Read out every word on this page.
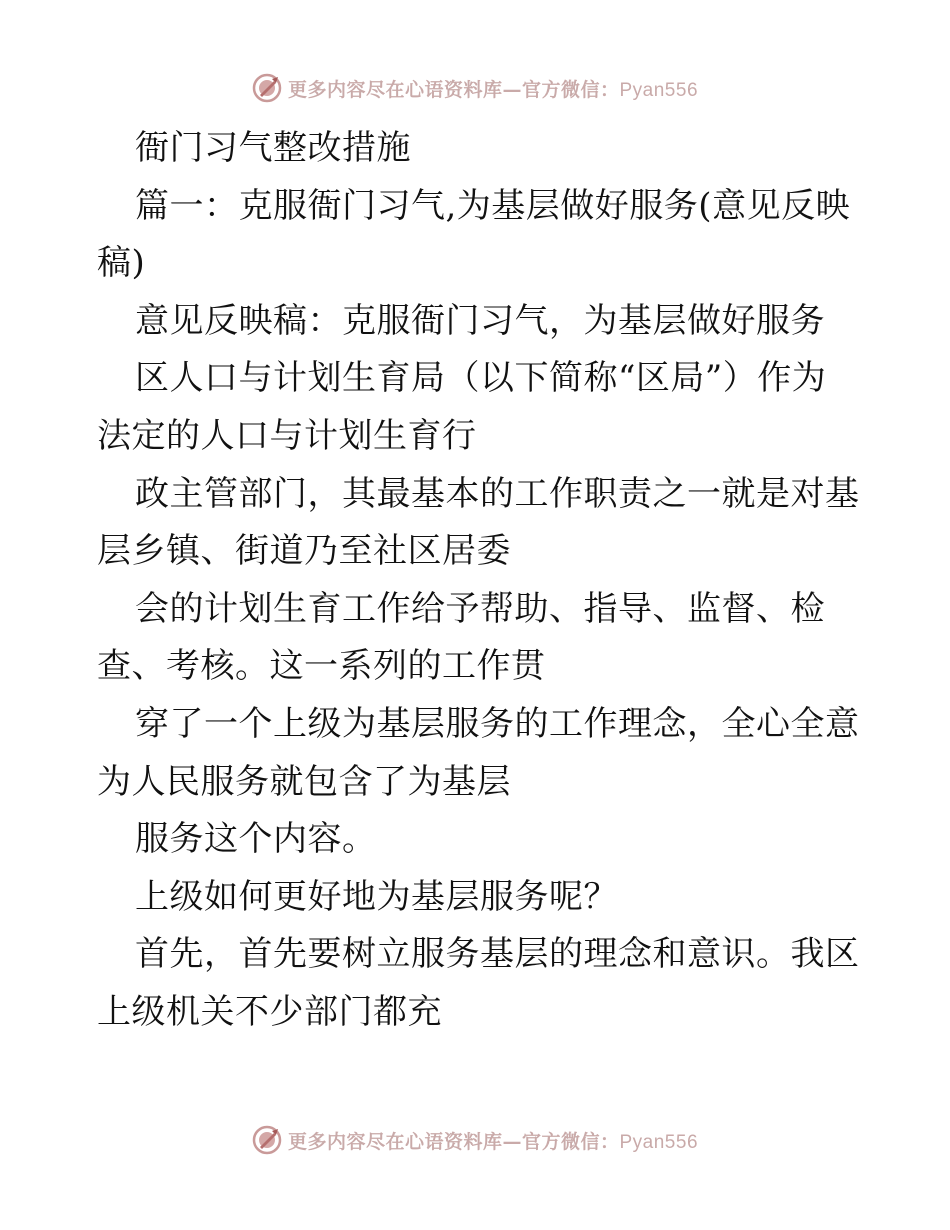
更多内容尽在心语资料库—官方微信：Pyan556
衙门习气整改措施
篇一：克服衙门习气,为基层做好服务(意见反映
稿)
意见反映稿：克服衙门习气，为基层做好服务
区人口与计划生育局（以下简称“区局”）作为
法定的人口与计划生育行
政主管部门，其最基本的工作职责之一就是对基
层乡镇、街道乃至社区居委
会的计划生育工作给予帮助、指导、监督、检
查、考核。这一系列的工作贯
穿了一个上级为基层服务的工作理念，全心全意
为人民服务就包含了为基层
服务这个内容。
上级如何更好地为基层服务呢？
首先，首先要树立服务基层的理念和意识。我区
上级机关不少部门都充
更多内容尽在心语资料库—官方微信：Pyan556
